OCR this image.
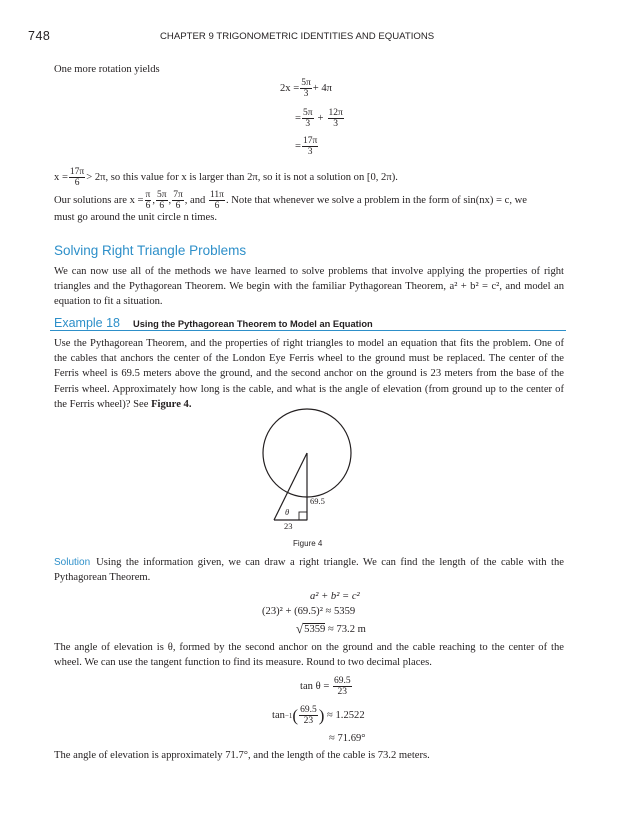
748	CHAPTER 9 TRIGONOMETRIC IDENTITIES AND EQUATIONS
One more rotation yields
$2x = \frac{5\pi}{3} + 4\pi$
= $\frac{5\pi}{3} + \frac{12\pi}{3}$
= $\frac{17\pi}{3}$
$x = \frac{17\pi}{6} > 2\pi$, so this value for x is larger than 2π, so it is not a solution on [0, 2π).
Our solutions are $x = \frac{\pi}{6}$ , $\frac{5\pi}{6}$ , $\frac{7\pi}{6}$ , and
$\frac{11\pi}{6}$ . Note that whenever we solve a problem in the form of sin(nx) = c, we
must go around the unit circle n times.
Solving Right Triangle Problems
We can now use all of the methods we have learned to solve problems that involve applying the properties of right triangles and the Pythagorean Theorem. We begin with the familiar Pythagorean Theorem, a² + b² = c², and model an equation to fit a situation.
Example 18 Using the Pythagorean Theorem to Model an Equation
Use the Pythagorean Theorem, and the properties of right triangles to model an equation that fits the problem. One of the cables that anchors the center of the London Eye Ferris wheel to the ground must be replaced. The center of the Ferris wheel is 69.5 meters above the ground, and the second anchor on the ground is 23 meters from the base of the Ferris wheel. Approximately how long is the cable, and what is the angle of elevation (from ground up to the center of the Ferris wheel)? See Figure 4.
69.5
23
θ
Figure 4
Solution Using the information given, we can draw a right triangle. We can find the length of the cable with the Pythagorean Theorem.
a² + b² = c²
(23)² + (69.5)² ≈ 5359
√ 5359
≈ 73.2 m
The angle of elevation is θ, formed by the second anchor on the ground and the cable reaching to the center of the wheel. We can use the tangent function to find its measure. Round to two decimal places.
tan θ =
$\frac{69.5}{23}$
tan −1 ( $\frac{69.5}{23}$ )
≈ 1.2522
≈ 71.69°
The angle of elevation is approximately 71.7°, and the length of the cable is 73.2 meters.
